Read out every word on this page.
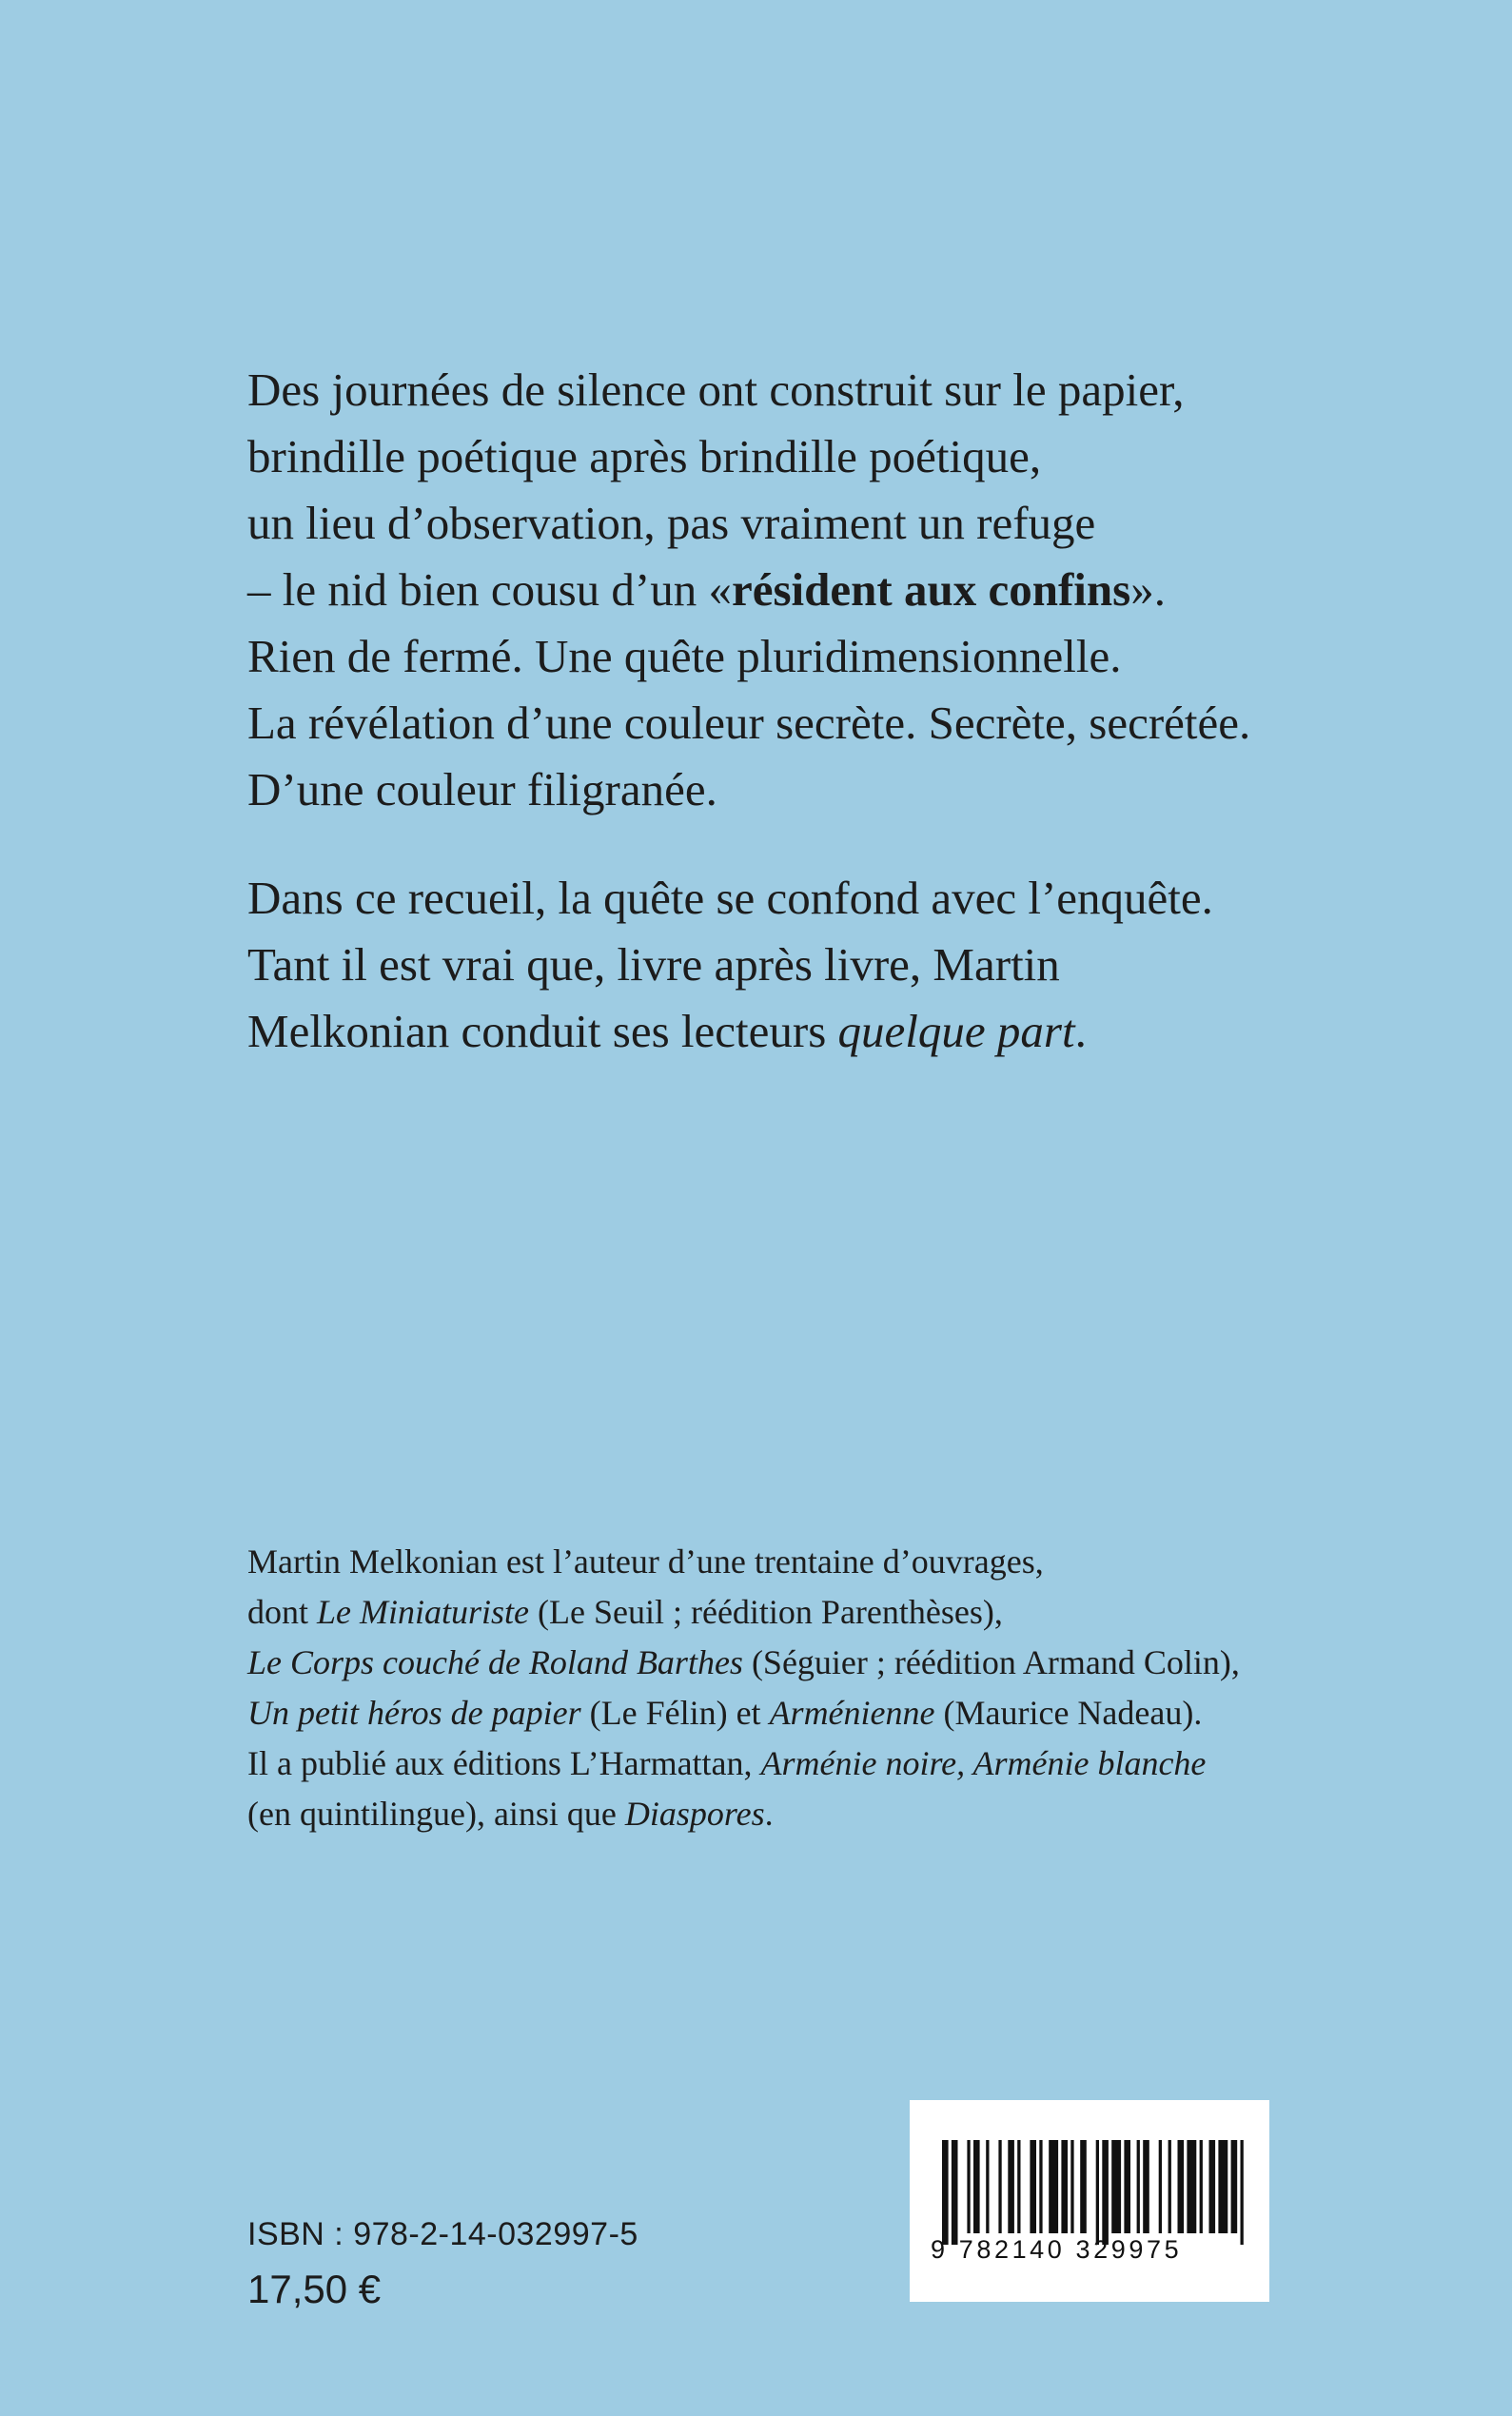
Des journées de silence ont construit sur le papier,
brindille poétique après brindille poétique,
un lieu d’observation, pas vraiment un refuge
– le nid bien cousu d’un «résident aux confins».
Rien de fermé. Une quête pluridimensionnelle.
La révélation d’une couleur secrète. Secrète, secrétée.
D’une couleur filigranée.

Dans ce recueil, la quête se confond avec l’enquête.
Tant il est vrai que, livre après livre, Martin
Melkonian conduit ses lecteurs quelque part.

Martin Melkonian est l’auteur d’une trentaine d’ouvrages,
dont Le Miniaturiste (Le Seuil ; réédition Parenthèses),
Le Corps couché de Roland Barthes (Séguier ; réédition Armand Colin),
Un petit héros de papier (Le Félin) et Arménienne (Maurice Nadeau).
Il a publié aux éditions L’Harmattan, Arménie noire, Arménie blanche
(en quintilingue), ainsi que Diaspores.
ISBN : 978-2-14-032997-5
17,50 €
9 782140 329975
